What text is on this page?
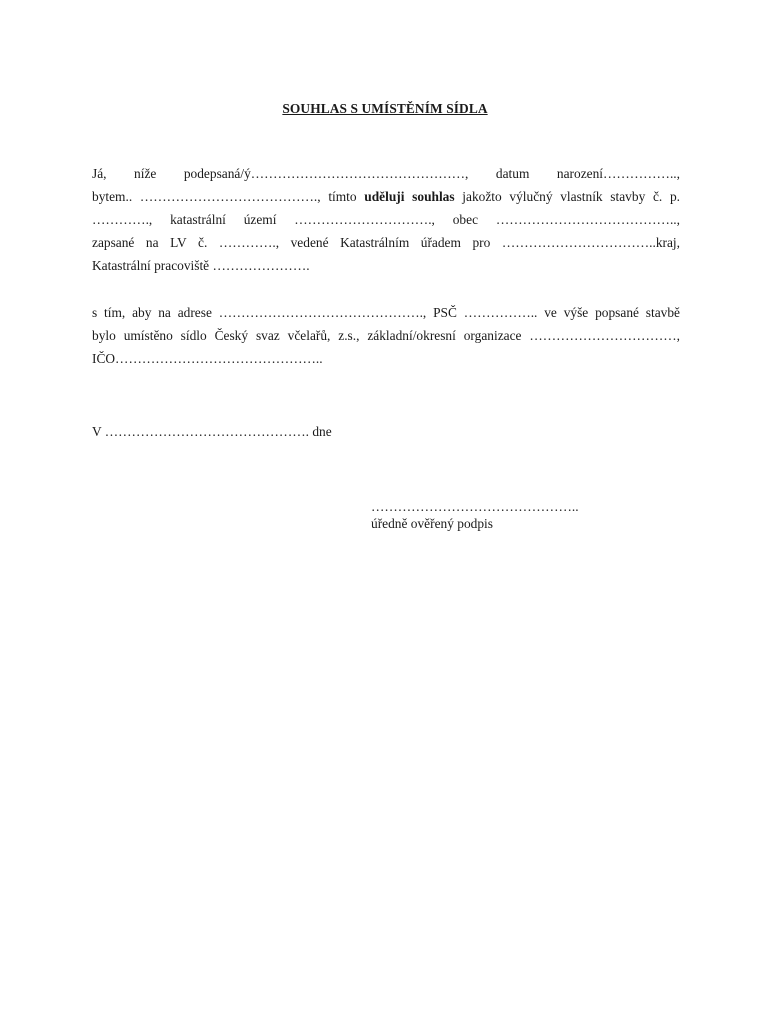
SOUHLAS S UMÍSTĚNÍM SÍDLA
Já, níže podepsaná/ý…………………………………………, datum narození……………..,
bytem.. …………………………………., tímto uděluji souhlas jakožto výlučný vlastník stavby č. p.
…………., katastrální území …………………………., obec …………………………………..,
zapsané na LV č. …………., vedené Katastrálním úřadem pro ……………………………..kraj,
Katastrální pracoviště ………………….
s tím, aby na adrese ………………………………………., PSČ …………….. ve výše popsané stavbě
bylo umístěno sídlo Český svaz včelařů, z.s., základní/okresní organizace ……………………………,
IČO………………………………………..
V ………………………………………. dne
………………………………………..
úředně ověřený podpis
